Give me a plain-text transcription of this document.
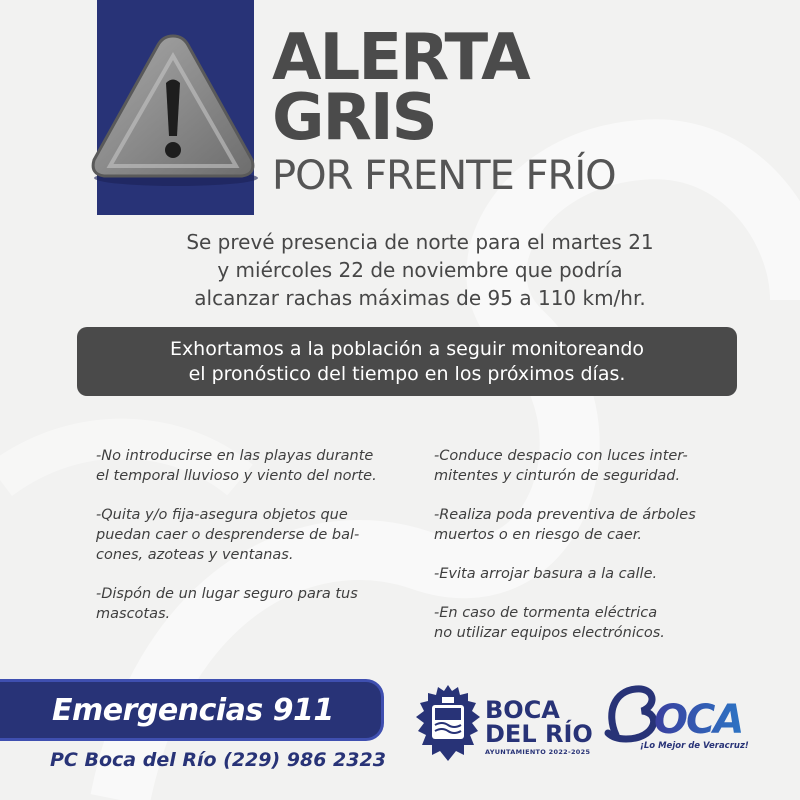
ALERTA
GRIS
POR FRENTE FRÍO
Se prevé presencia de norte para el martes 21
y miércoles 22 de noviembre que podría
alcanzar rachas máximas de 95 a 110 km/hr.
Exhortamos a la población a seguir monitoreando
el pronóstico del tiempo en los próximos días.
-No introducirse en las playas durante
el temporal lluvioso y viento del norte.
-Quita y/o fija-asegura objetos que
puedan caer o desprenderse de bal-
cones, azoteas y ventanas.
-Dispón de un lugar seguro para tus
mascotas.
-Conduce despacio con luces inter-
mitentes y cinturón de seguridad.
-Realiza poda preventiva de árboles
muertos o en riesgo de caer.
-Evita arrojar basura a la calle.
-En caso de tormenta eléctrica
no utilizar equipos electrónicos.
Emergencias 911
PC Boca del Río (229) 986 2323
BOCA
DEL RÍO
AYUNTAMIENTO 2022-2025
OCA
¡Lo Mejor de Veracruz!
